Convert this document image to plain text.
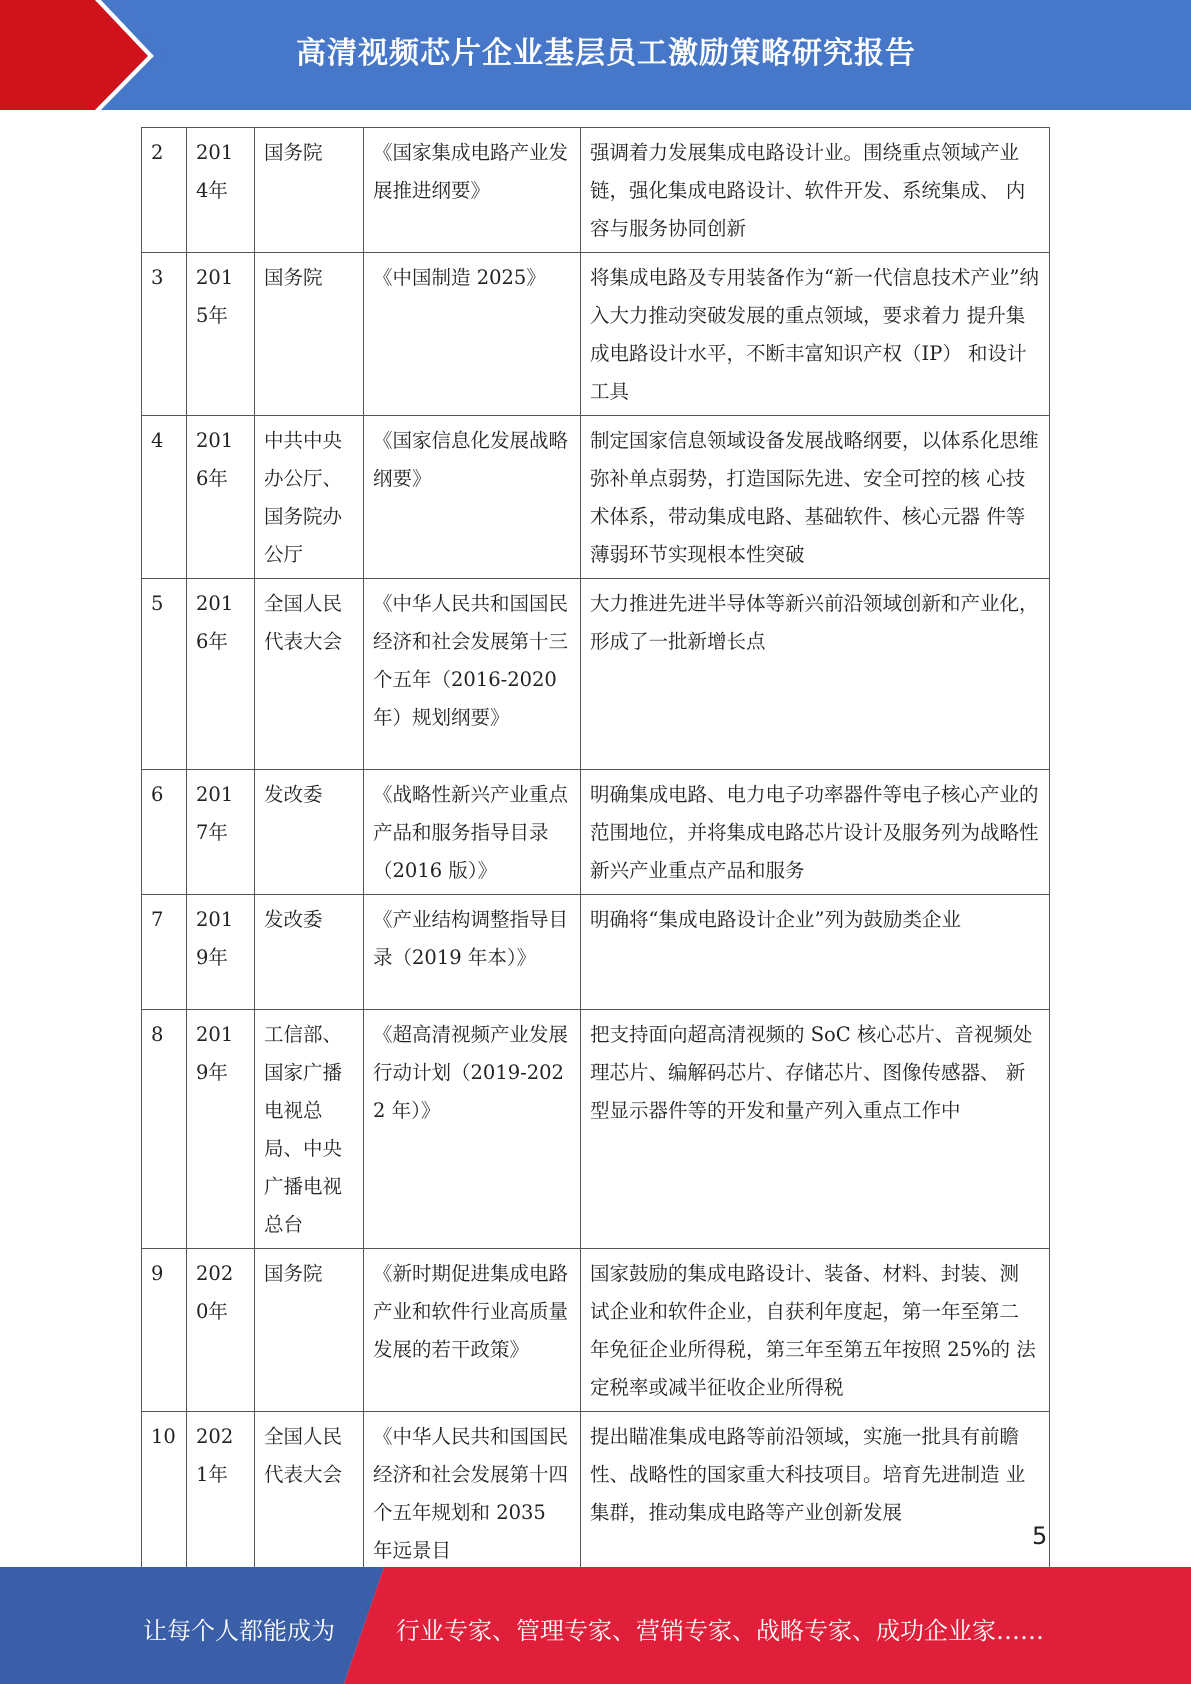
高清视频芯片企业基层员工激励策略研究报告
2	2014年	国务院	《国家集成电路产业发展推进纲要》	强调着力发展集成电路设计业。围绕重点领域产业链，强化集成电路设计、软件开发、系统集成、 内容与服务协同创新
3	2015年	国务院	《中国制造 2025》	将集成电路及专用装备作为“新一代信息技术产业”纳入大力推动突破发展的重点领域，要求着力 提升集成电路设计水平，不断丰富知识产权（IP） 和设计工具
4	2016年	中共中央办公厅、国务院办公厅	《国家信息化发展战略纲要》	制定国家信息领域设备发展战略纲要，以体系化思维弥补单点弱势，打造国际先进、安全可控的核 心技术体系，带动集成电路、基础软件、核心元器 件等薄弱环节实现根本性突破
5	2016年	全国人民代表大会	《中华人民共和国国民经济和社会发展第十三个五年（2016-2020 年）规划纲要》	大力推进先进半导体等新兴前沿领域创新和产业化，形成了一批新增长点
6	2017年	发改委	《战略性新兴产业重点产品和服务指导目录（2016 版）》	明确集成电路、电力电子功率器件等电子核心产业的范围地位，并将集成电路芯片设计及服务列为战略性新兴产业重点产品和服务
7	2019年	发改委	《产业结构调整指导目录（2019 年本）》	明确将“集成电路设计企业”列为鼓励类企业
8	2019年	工信部、国家广播电视总局、中央广播电视总台	《超高清视频产业发展行动计划（2019-2022 年）》	把支持面向超高清视频的 SoC 核心芯片、音视频处理芯片、编解码芯片、存储芯片、图像传感器、 新型显示器件等的开发和量产列入重点工作中
9	2020年	国务院	《新时期促进集成电路产业和软件行业高质量发展的若干政策》	国家鼓励的集成电路设计、装备、材料、封装、测 试企业和软件企业，自获利年度起，第一年至第二 年免征企业所得税，第三年至第五年按照 25%的 法定税率或减半征收企业所得税
10	2021年	全国人民代表大会	《中华人民共和国国民经济和社会发展第十四个五年规划和 2035 年远景目	提出瞄准集成电路等前沿领域，实施一批具有前瞻性、战略性的国家重大科技项目。培育先进制造 业集群，推动集成电路等产业创新发展
5
让每个人都能成为	行业专家、管理专家、营销专家、战略专家、成功企业家……
